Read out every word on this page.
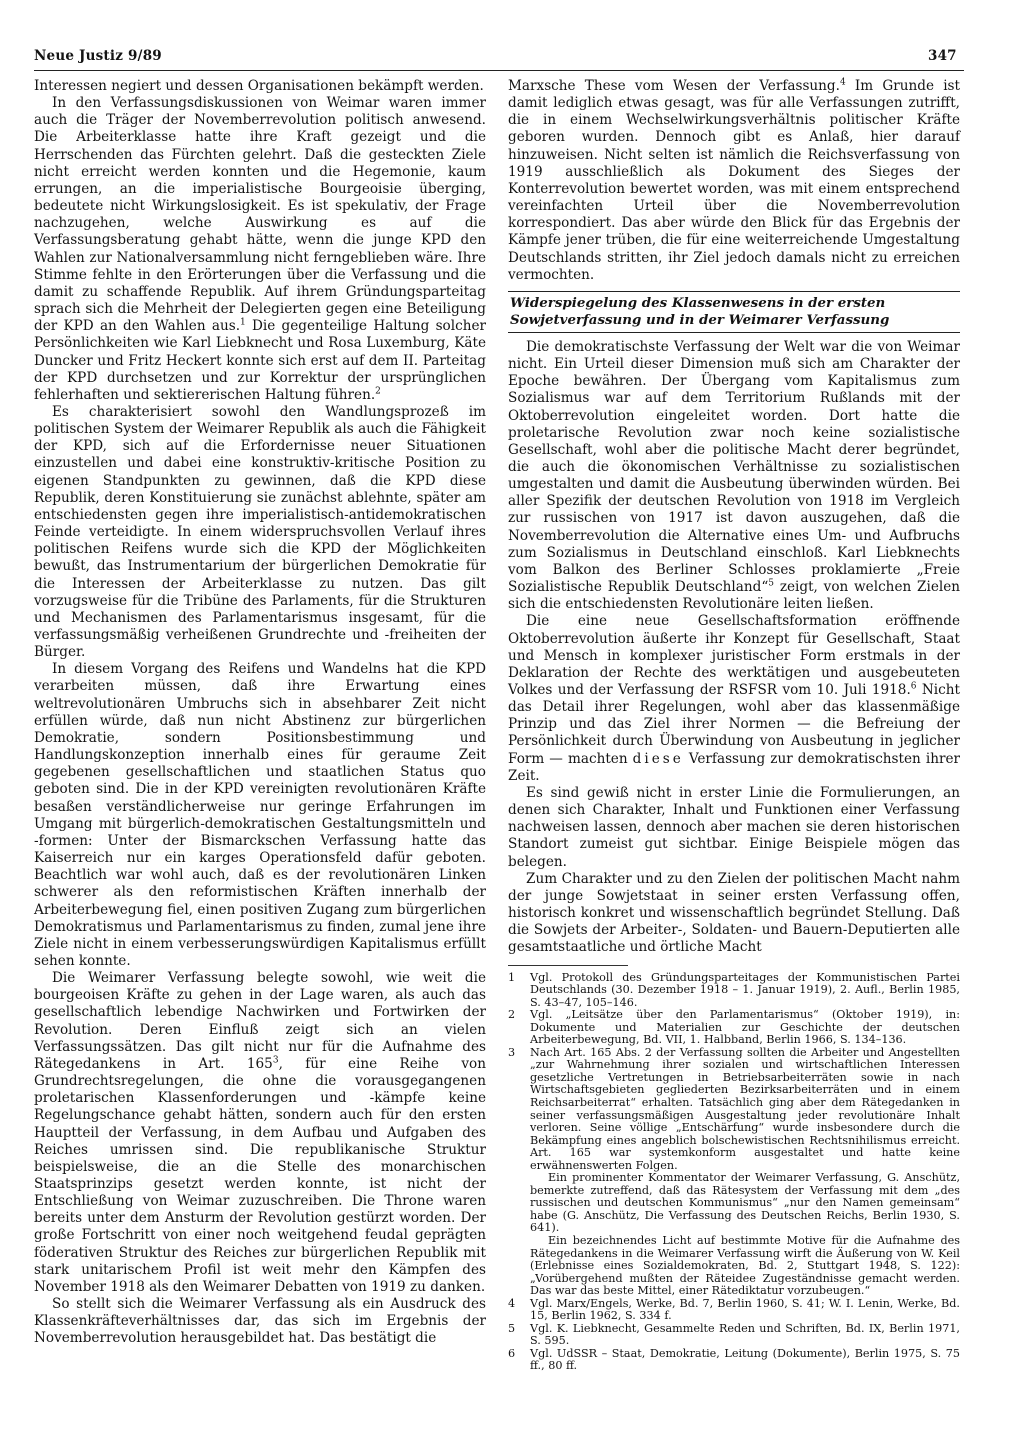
Neue Justiz 9/89	347

Interessen negiert und dessen Organisationen bekämpft werden.

In den Verfassungsdiskussionen von Weimar waren immer auch die Träger der Novemberrevolution politisch anwesend. Die Arbeiterklasse hatte ihre Kraft gezeigt und die Herrschenden das Fürchten gelehrt. Daß die gesteckten Ziele nicht erreicht werden konnten und die Hegemonie, kaum errungen, an die imperialistische Bourgeoisie überging, bedeutete nicht Wirkungslosigkeit. Es ist spekulativ, der Frage nachzugehen, welche Auswirkung es auf die Verfassungsberatung gehabt hätte, wenn die junge KPD den Wahlen zur Nationalversammlung nicht ferngeblieben wäre. Ihre Stimme fehlte in den Erörterungen über die Verfassung und die damit zu schaffende Republik. Auf ihrem Gründungsparteitag sprach sich die Mehrheit der Delegierten gegen eine Beteiligung der KPD an den Wahlen aus.$^1$ Die gegenteilige Haltung solcher Persönlichkeiten wie Karl Liebknecht und Rosa Luxemburg, Käte Duncker und Fritz Heckert konnte sich erst auf dem II. Parteitag der KPD durchsetzen und zur Korrektur der ursprünglichen fehlerhaften und sektiererischen Haltung führen.$^2$

Es charakterisiert sowohl den Wandlungsprozeß im politischen System der Weimarer Republik als auch die Fähigkeit der KPD, sich auf die Erfordernisse neuer Situationen einzustellen und dabei eine konstruktiv-kritische Position zu eigenen Standpunkten zu gewinnen, daß die KPD diese Republik, deren Konstituierung sie zunächst ablehnte, später am entschiedensten gegen ihre imperialistisch-antidemokratischen Feinde verteidigte. In einem widerspruchsvollen Verlauf ihres politischen Reifens wurde sich die KPD der Möglichkeiten bewußt, das Instrumentarium der bürgerlichen Demokratie für die Interessen der Arbeiterklasse zu nutzen. Das gilt vorzugsweise für die Tribüne des Parlaments, für die Strukturen und Mechanismen des Parlamentarismus insgesamt, für die verfassungsmäßig verheißenen Grundrechte und -freiheiten der Bürger.

In diesem Vorgang des Reifens und Wandelns hat die KPD verarbeiten müssen, daß ihre Erwartung eines weltrevolutionären Umbruchs sich in absehbarer Zeit nicht erfüllen würde, daß nun nicht Abstinenz zur bürgerlichen Demokratie, sondern Positionsbestimmung und Handlungskonzeption innerhalb eines für geraume Zeit gegebenen gesellschaftlichen und staatlichen Status quo geboten sind. Die in der KPD vereinigten revolutionären Kräfte besaßen verständlicherweise nur geringe Erfahrungen im Umgang mit bürgerlich-demokratischen Gestaltungsmitteln und -formen: Unter der Bismarckschen Verfassung hatte das Kaiserreich nur ein karges Operationsfeld dafür geboten. Beachtlich war wohl auch, daß es der revolutionären Linken schwerer als den reformistischen Kräften innerhalb der Arbeiterbewegung fiel, einen positiven Zugang zum bürgerlichen Demokratismus und Parlamentarismus zu finden, zumal jene ihre Ziele nicht in einem verbesserungswürdigen Kapitalismus erfüllt sehen konnte.

Die Weimarer Verfassung belegte sowohl, wie weit die bourgeoisen Kräfte zu gehen in der Lage waren, als auch das gesellschaftlich lebendige Nachwirken und Fortwirken der Revolution. Deren Einfluß zeigt sich an vielen Verfassungssätzen. Das gilt nicht nur für die Aufnahme des Rätegedankens in Art. $165^3$, für eine Reihe von Grundrechtsregelungen, die ohne die vorausgegangenen proletarischen Klassenforderungen und -kämpfe keine Regelungschance gehabt hätten, sondern auch für den ersten Hauptteil der Verfassung, in dem Aufbau und Aufgaben des Reiches umrissen sind. Die republikanische Struktur beispielsweise, die an die Stelle des monarchischen Staatsprinzips gesetzt werden konnte, ist nicht der Entschließung von Weimar zuzuschreiben. Die Throne waren bereits unter dem Ansturm der Revolution gestürzt worden. Der große Fortschritt von einer noch weitgehend feudal geprägten föderativen Struktur des Reiches zur bürgerlichen Republik mit stark unitarischem Profil ist weit mehr den Kämpfen des November 1918 als den Weimarer Debatten von 1919 zu danken.

So stellt sich die Weimarer Verfassung als ein Ausdruck des Klassenkräfteverhältnisses dar, das sich im Ergebnis der Novemberrevolution herausgebildet hat. Das bestätigt die

Marxsche These vom Wesen der Verfassung.$^4$ Im Grunde ist damit lediglich etwas gesagt, was für alle Verfassungen zutrifft, die in einem Wechselwirkungsverhältnis politischer Kräfte geboren wurden. Dennoch gibt es Anlaß, hier darauf hinzuweisen. Nicht selten ist nämlich die Reichsverfassung von 1919 ausschließlich als Dokument des Sieges der Konterrevolution bewertet worden, was mit einem entsprechend vereinfachten Urteil über die Novemberrevolution korrespondiert. Das aber würde den Blick für das Ergebnis der Kämpfe jener trüben, die für eine weiterreichende Umgestaltung Deutschlands stritten, ihr Ziel jedoch damals nicht zu erreichen vermochten.

Widerspiegelung des Klassenwesens in der ersten Sowjetverfassung und in der Weimarer Verfassung

Die demokratischste Verfassung der Welt war die von Weimar nicht. Ein Urteil dieser Dimension muß sich am Charakter der Epoche bewähren. Der Übergang vom Kapitalismus zum Sozialismus war auf dem Territorium Rußlands mit der Oktoberrevolution eingeleitet worden. Dort hatte die proletarische Revolution zwar noch keine sozialistische Gesellschaft, wohl aber die politische Macht derer begründet, die auch die ökonomischen Verhältnisse zu sozialistischen umgestalten und damit die Ausbeutung überwinden würden. Bei aller Spezifik der deutschen Revolution von 1918 im Vergleich zur russischen von 1917 ist davon auszugehen, daß die Novemberrevolution die Alternative eines Um- und Aufbruchs zum Sozialismus in Deutschland einschloß. Karl Liebknechts vom Balkon des Berliner Schlosses proklamierte „Freie Sozialistische Republik Deutschland“$^5$ zeigt, von welchen Zielen sich die entschiedensten Revolutionäre leiten ließen.

Die eine neue Gesellschaftsformation eröffnende Oktoberrevolution äußerte ihr Konzept für Gesellschaft, Staat und Mensch in komplexer juristischer Form erstmals in der Deklaration der Rechte des werktätigen und ausgebeuteten Volkes und der Verfassung der RSFSR vom 10. Juli 1918.$^6$ Nicht das Detail ihrer Regelungen, wohl aber das klassenmäßige Prinzip und das Ziel ihrer Normen — die Befreiung der Persönlichkeit durch Überwindung von Ausbeutung in jeglicher Form — machten diese Verfassung zur demokratischsten ihrer Zeit.

Es sind gewiß nicht in erster Linie die Formulierungen, an denen sich Charakter, Inhalt und Funktionen einer Verfassung nachweisen lassen, dennoch aber machen sie deren historischen Standort zumeist gut sichtbar. Einige Beispiele mögen das belegen.

Zum Charakter und zu den Zielen der politischen Macht nahm der junge Sowjetstaat in seiner ersten Verfassung offen, historisch konkret und wissenschaftlich begründet Stellung. Daß die Sowjets der Arbeiter-, Soldaten- und Bauern-Deputierten alle gesamtstaatliche und örtliche Macht

1	Vgl. Protokoll des Gründungsparteitages der Kommunistischen Partei Deutschlands (30. Dezember 1918 – 1. Januar 1919), 2. Aufl., Berlin 1985, S. 43–47, 105–146.
2	Vgl. „Leitsätze über den Parlamentarismus“ (Oktober 1919), in: Dokumente und Materialien zur Geschichte der deutschen Arbeiterbewegung, Bd. VII, 1. Halbband, Berlin 1966, S. 134–136.
3	Nach Art. 165 Abs. 2 der Verfassung sollten die Arbeiter und Angestellten „zur Wahrnehmung ihrer sozialen und wirtschaftlichen Interessen gesetzliche Vertretungen in Betriebsarbeiterräten sowie in nach Wirtschaftsgebieten gegliederten Bezirksarbeiterräten und in einem Reichsarbeiterrat“ erhalten. Tatsächlich ging aber dem Rätegedanken in seiner verfassungsmäßigen Ausgestaltung jeder revolutionäre Inhalt verloren. Seine völlige „Entschärfung“ wurde insbesondere durch die Bekämpfung eines angeblich bolschewistischen Rechtsnihilismus erreicht. Art. 165 war systemkonform ausgestaltet und hatte keine erwähnenswerten Folgen.
Ein prominenter Kommentator der Weimarer Verfassung, G. Anschütz, bemerkte zutreffend, daß das Rätesystem der Verfassung mit dem „des russischen und deutschen Kommunismus“ „nur den Namen gemeinsam“ habe (G. Anschütz, Die Verfassung des Deutschen Reichs, Berlin 1930, S. 641).
Ein bezeichnendes Licht auf bestimmte Motive für die Aufnahme des Rätegedankens in die Weimarer Verfassung wirft die Äußerung von W. Keil (Erlebnisse eines Sozialdemokraten, Bd. 2, Stuttgart 1948, S. 122): „Vorübergehend mußten der Räteidee Zugeständnisse gemacht werden. Das war das beste Mittel, einer Rätediktatur vorzubeugen.“
4	Vgl. Marx/Engels, Werke, Bd. 7, Berlin 1960, S. 41; W. I. Lenin, Werke, Bd. 15, Berlin 1962, S. 334 f.
5	Vgl. K. Liebknecht, Gesammelte Reden und Schriften, Bd. IX, Berlin 1971, S. 595.
6	Vgl. UdSSR – Staat, Demokratie, Leitung (Dokumente), Berlin 1975, S. 75 ff., 80 ff.
